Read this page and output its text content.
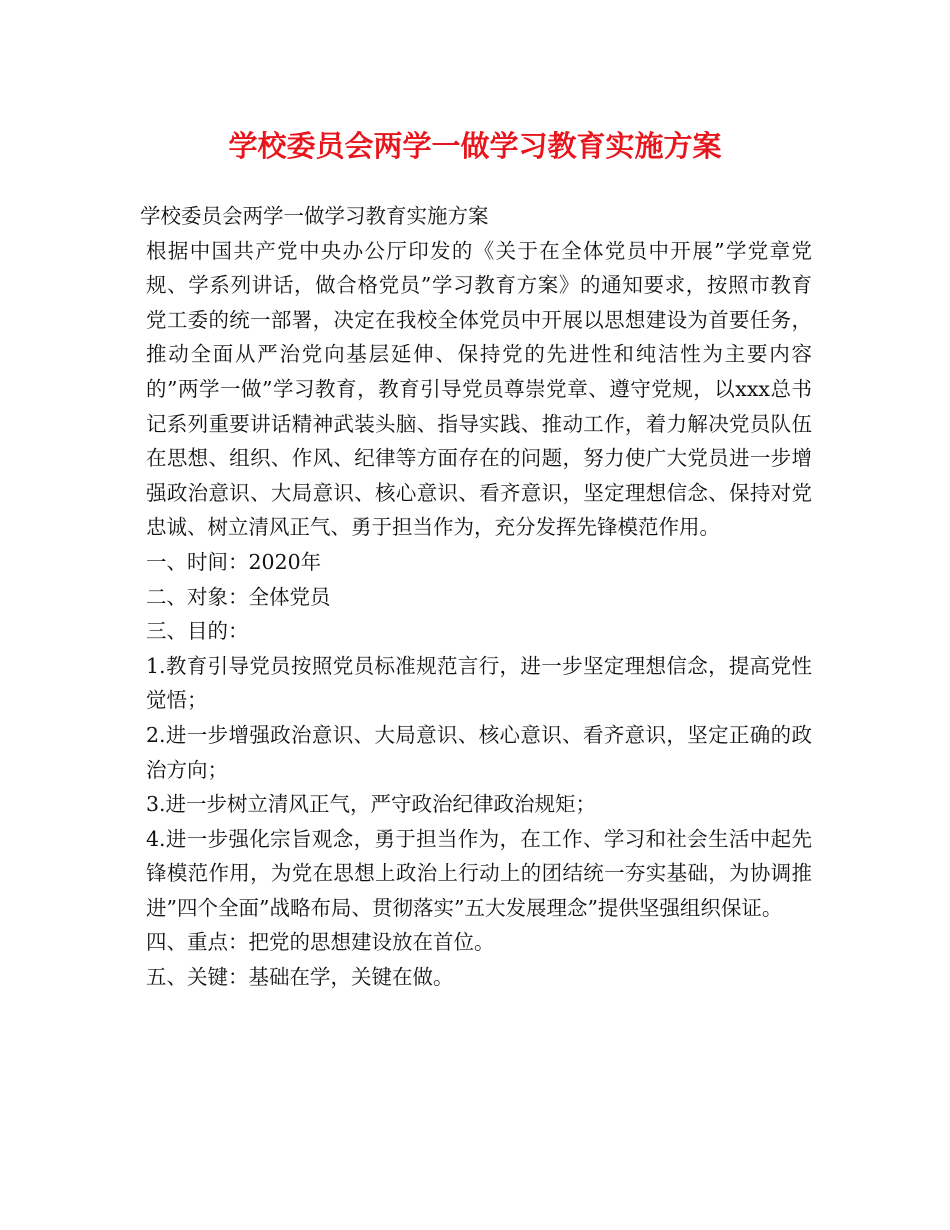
学校委员会两学一做学习教育实施方案

学校委员会两学一做学习教育实施方案

根据中国共产党中央办公厅印发的《关于在全体党员中开展”学党章党规、学系列讲话，做合格党员”学习教育方案》的通知要求，按照市教育党工委的统一部署，决定在我校全体党员中开展以思想建设为首要任务，推动全面从严治党向基层延伸、保持党的先进性和纯洁性为主要内容的”两学一做”学习教育，教育引导党员尊崇党章、遵守党规，以xxx总书记系列重要讲话精神武装头脑、指导实践、推动工作，着力解决党员队伍在思想、组织、作风、纪律等方面存在的问题，努力使广大党员进一步增强政治意识、大局意识、核心意识、看齐意识，坚定理想信念、保持对党忠诚、树立清风正气、勇于担当作为，充分发挥先锋模范作用。

一、时间：2020年

二、对象：全体党员

三、目的：

1.教育引导党员按照党员标准规范言行，进一步坚定理想信念，提高党性觉悟；

2.进一步增强政治意识、大局意识、核心意识、看齐意识，坚定正确的政治方向；

3.进一步树立清风正气，严守政治纪律政治规矩；

4.进一步强化宗旨观念，勇于担当作为，在工作、学习和社会生活中起先锋模范作用，为党在思想上政治上行动上的团结统一夯实基础，为协调推进”四个全面”战略布局、贯彻落实”五大发展理念”提供坚强组织保证。

四、重点：把党的思想建设放在首位。

五、关键：基础在学，关键在做。
